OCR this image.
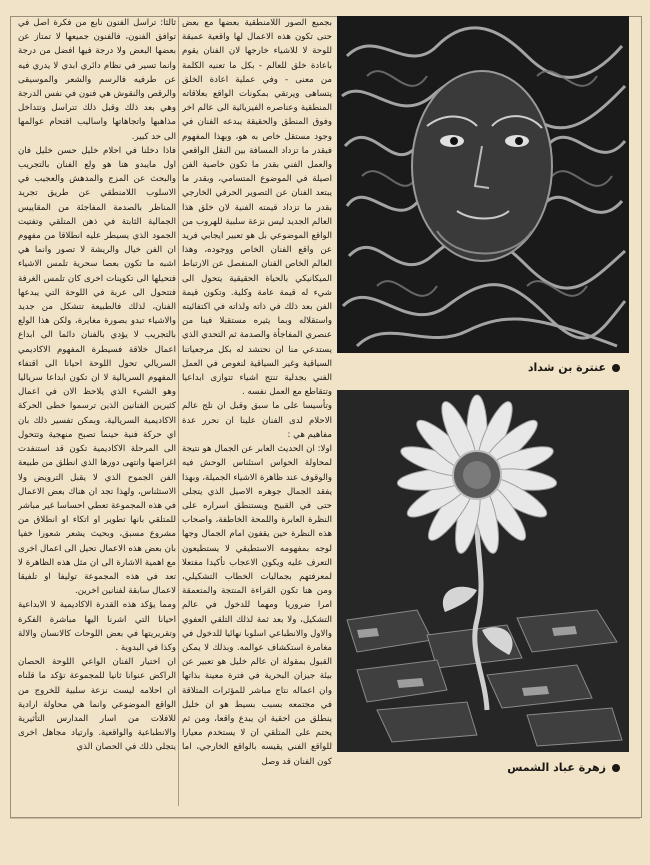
ثالثا: تراسل الفنون نابع من فكرة اصل في توافق الفنون، فالفنون جميعها لا تمتاز عن بعضها البعض ولا درجة فيها افضل من درجة وانما تسير في نظام دائري ابدي لا يدري فيه عن طرفيه فالرسم والشعر والموسيقى والرقص والنقوش هي فنون في نفس الدرجة وهي بعد ذلك وقبل ذلك تتراسل وتتداخل مذاهبها واتجاهاتها واساليب اقتحام عوالمها الى حد كبير.

فاذا دخلنا في احلام خليل حسن خليل فان اول مايبدو هنا هو ولع الفنان بالتجريب والبحث عن المزج والمدهش والعجيب في الاسلوب اللامنطقي عن طريق تجريد المناظر بالصدمة المفاجئة من المقاييس الجمالية الثابتة في ذهن المتلقي وتفتيت الجمود الذي يسيطر عليه انطلاقا من مفهوم ان الفن خيال والريشة لا تصور وانما هي اشبه ما تكون بعصا سحرية تلمس الاشياء فتحيلها الى تكوينات اخرى كان تلمس الغرفة فتتحول الى عربة في اللوحة التي يبدعها الفنان، لذلك فالطبيعة تتشكل من جديد والاشياء تبدو بصورة مغايرة، ولكن هذا الولع بالتجريب لا يؤدي بالفنان دائما الى ابداع اعمال خلاقة فسيطرة المفهوم الاكاديمي السريالي تحول اللوحة احيانا الى اقتفاء المفهوم السريالية لا ان تكون ابداعا سرياليا وهو الشيء الذي يلاحظ الان في اعمال كثيرين الفنانين الذين ترسموا خطى الحركة الاكاديمية السريالية، وبمكن تفسير ذلك بان اي حركة فنية حينما تصبح منهجية وتتحول الى المرحلة الاكاديمية تكون قد استنفدت اغراضها وانتهى دورها الذي انطلق من طبيعة الفن الجموح الذي لا يقبل الترويض ولا الاستئناس، ولهذا تجد ان هناك بعض الاعمال في هذه المجموعة تعطي احساسا غير مباشر للمتلقي بانها تطوير او اتكاء او انطلاق من مشروع مسبق، وبحيث يشعر شعورا خفيا بان بعض هذه الاعمال تحيل الى اعمال اخرى مع اهمية الاشارة الى ان مثل هذه الظاهرة لا تعد في هذه المجموعة توليفا او تلفيقا لاعمال سابقة لفنانين اخرين.

ومما يؤكد هذه القدرة الاكاديمية لا الابداعية احيانا التي اشرنا اليها مباشرة الفكرة وتقريريتها في بعض اللوحات كالانسان والالة وكذا في البدوية .

ان اختيار الفنان الواعي اللوحة الحصان الراكض عنوانا ثانيا للمجموعة تؤكد ما قلناه ان احلامه ليست نزعة سلبية للخروج من الواقع الموضوعي وانما هي محاولة ارادية للافلات من اسار المدارس التأثيرية والانطباعية والواقعية. وارتياد مجاهل اخرى يتجلى ذلك في الحصان الذي

بجميع الصور اللامنطقية بعضها مع بعض حتى تكون هذه الاعمال لها واقعية عميقة للوحة لا للاشياء خارجها لان الفنان يقوم باعادة خلق للعالم - بكل ما تعنيه الكلمة من معنى - وفي عملية اعادة الخلق يتساهى ويرتقي بمكونات الواقع بعلاقاته المنطقية وعناصره الفيزيائية الى عالم اخر وفوق المنطق والحقيقة يبدعه الفنان في وجود مستقل خاص به هو، وبهذا المفهوم فبقدر ما تزداد المسافة بين النقل الواقعي والعمل الفني بقدر ما تكون خاصية الفن اصيلة في الموضوع المتسامي، وبقدر ما يبتعد الفنان عن التصوير الحرفي الخارجي بقدر ما تزداد قيمته الفنية لان خلق هذا العالم الجديد ليس نزعة سلبية للهروب من الواقع الموضوعي بل هو تعبير ايجابي فريد عن واقع الفنان الخاص ووجوده، وهذا العالم الخاص الفنان المنفصل عن الارتباط الميكانيكي بالحياة الحقيقية يتحول الى شيء له قيمة عامة وكلية. وتكون قيمة الفن بعد ذلك في ذاته ولذاته في اكتفائيته واستقلاله وبما يثيره مستقبلا فينا من عنصري المفاجأة والصدمة ثم التحدي الذي يستدعي منا ان نحتشد له بكل مرجعياتنا السياقية وغير السياقية لنغوص في العمل الفني بجدلية تنتج اشياء تتوازى ابداعيا وتتقاطع مع العمل نفسه .

وتأسيسا على ما سبق وقبل ان نلج عالم الاحلام لدى الفنان علينا ان نحرر عدة مفاهيم هي :

اولا: ان الحديث العابر عن الجمال هو نتيجة لمحاولة الحواس استئناس الوحش فيه والوقوف عند ظاهرة الاشياء الجميلة، وبهذا يفقد الجمال جوهره الاصيل الذي يتجلى حتى في القبيح ويستنطق اسراره على النظرة العابرة واللمحة الخاطفة، واصحاب هذه النظرة حين يقفون امام الجمال وجها لوجه بمفهومه الاستطيقي لا يستطيعون التعرف عليه ويكون الاعجاب تأكيدا مفتعلا لمعرفتهم بجماليات الخطاب التشكيلي، ومن هنا تكون القراءة المنتجة والمتعمقة امرا ضروريا ومهما للدخول في عالم التشكيل، ولا بعد ثمة لذلك التلقي العفوي والاول والانطباعي اسلوبا نهائيا للدخول في مغامرة استكشاف عوالمه. وبذلك لا يمكن القبول بمقولة ان عالم خليل هو تعبير عن بيئة جيزان البحرية في فترة معينة بذاتها وان اعماله نتاج مباشر للمؤثرات المتلاقة في مجتمعه بسبب بسيط هو ان خليل ينطلق من احقية ان يبدع واقعا، ومن ثم يحتم على المتلقي ان لا يستخدم معيارا للواقع الفني يقيسه بالواقع الخارجي، اما كون الفنان قد وصل

عنترة بن شداد
زهرة عباد الشمس
